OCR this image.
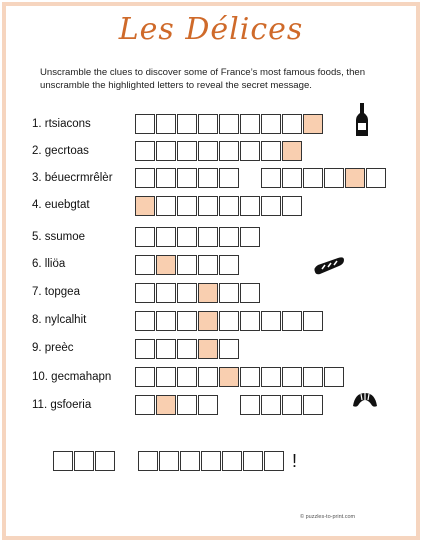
Les Délices
Unscramble the clues to discover some of France’s most famous foods, then unscramble the highlighted letters to reveal the secret message.
1. rtsiacons
2. gecrtoas
3. béuecrmrêlèr
4. euebgtat
5. ssumoe
6. lliöa
7. topgea
8. nylcalhit
9. preèc
10. gecmahapn
11. gsfoeria
!
© puzzles-to-print.com
